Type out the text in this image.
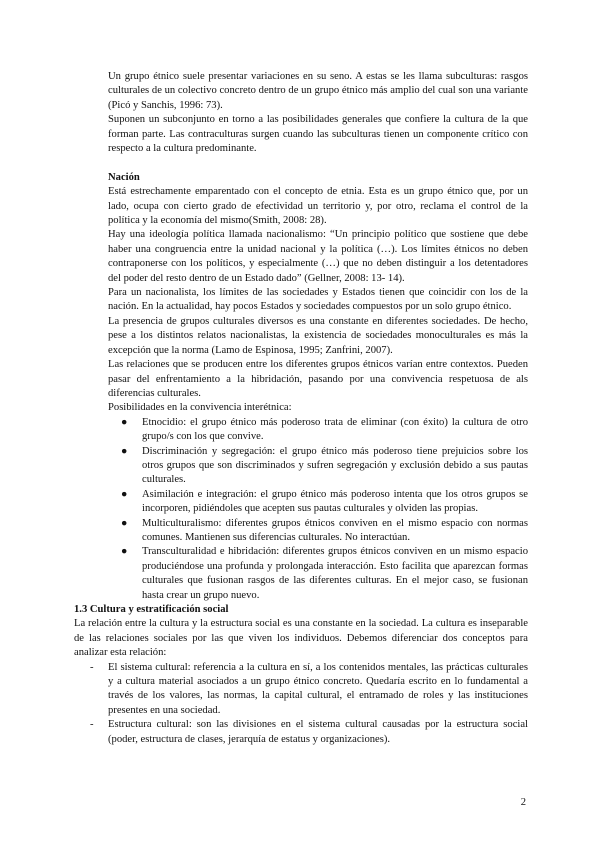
Un grupo étnico suele presentar variaciones en su seno. A estas se les llama subculturas: rasgos culturales de un colectivo concreto dentro de un grupo étnico más amplio del cual son una variante (Picó y Sanchis, 1996: 73).

Suponen un subconjunto en torno a las posibilidades generales que confiere la cultura de la que forman parte. Las contraculturas surgen cuando las subculturas tienen un componente crítico con respecto a la cultura predominante.

Nación

Está estrechamente emparentado con el concepto de etnia. Esta es un grupo étnico que, por un lado, ocupa con cierto grado de efectividad un territorio y, por otro, reclama el control de la política y la economía del mismo(Smith, 2008: 28).

Hay una ideología política llamada nacionalismo: “Un principio político que sostiene que debe haber una congruencia entre la unidad nacional y la política (…). Los límites étnicos no deben contraponerse con los políticos, y especialmente (…) que no deben distinguir a los detentadores del poder del resto dentro de un Estado dado” (Gellner, 2008: 13- 14).

Para un nacionalista, los límites de las sociedades y Estados tienen que coincidir con los de la nación. En la actualidad, hay pocos Estados y sociedades compuestos por un solo grupo étnico.

La presencia de grupos culturales diversos es una constante en diferentes sociedades. De hecho, pese a los distintos relatos nacionalistas, la existencia de sociedades monoculturales es más la excepción que la norma (Lamo de Espinosa, 1995; Zanfrini, 2007).

Las relaciones que se producen entre los diferentes grupos étnicos varían entre contextos. Pueden pasar del enfrentamiento a la hibridación, pasando por una convivencia respetuosa de als diferencias culturales.

Posibilidades en la convivencia interétnica:

● Etnocidio: el grupo étnico más poderoso trata de eliminar (con éxito) la cultura de otro grupo/s con los que convive.
● Discriminación y segregación: el grupo étnico más poderoso tiene prejuicios sobre los otros grupos que son discriminados y sufren segregación y exclusión debido a sus pautas culturales.
● Asimilación e integración: el grupo étnico más poderoso intenta que los otros grupos se incorporen, pidiéndoles que acepten sus pautas culturales y olviden las propias.
● Multiculturalismo: diferentes grupos étnicos conviven en el mismo espacio con normas comunes. Mantienen sus diferencias culturales. No interactúan.
● Transculturalidad e hibridación: diferentes grupos étnicos conviven en un mismo espacio produciéndose una profunda y prolongada interacción. Esto facilita que aparezcan formas culturales que fusionan rasgos de las diferentes culturas. En el mejor caso, se fusionan hasta crear un grupo nuevo.

1.3 Cultura y estratificación social

La relación entre la cultura y la estructura social es una constante en la sociedad. La cultura es inseparable de las relaciones sociales por las que viven los individuos. Debemos diferenciar dos conceptos para analizar esta relación:

- El sistema cultural: referencia a la cultura en sí, a los contenidos mentales, las prácticas culturales y a cultura material asociados a un grupo étnico concreto. Quedaría escrito en lo fundamental a través de los valores, las normas, la capital cultural, el entramado de roles y las instituciones presentes en una sociedad.
- Estructura cultural: son las divisiones en el sistema cultural causadas por la estructura social (poder, estructura de clases, jerarquía de estatus y organizaciones).
2
